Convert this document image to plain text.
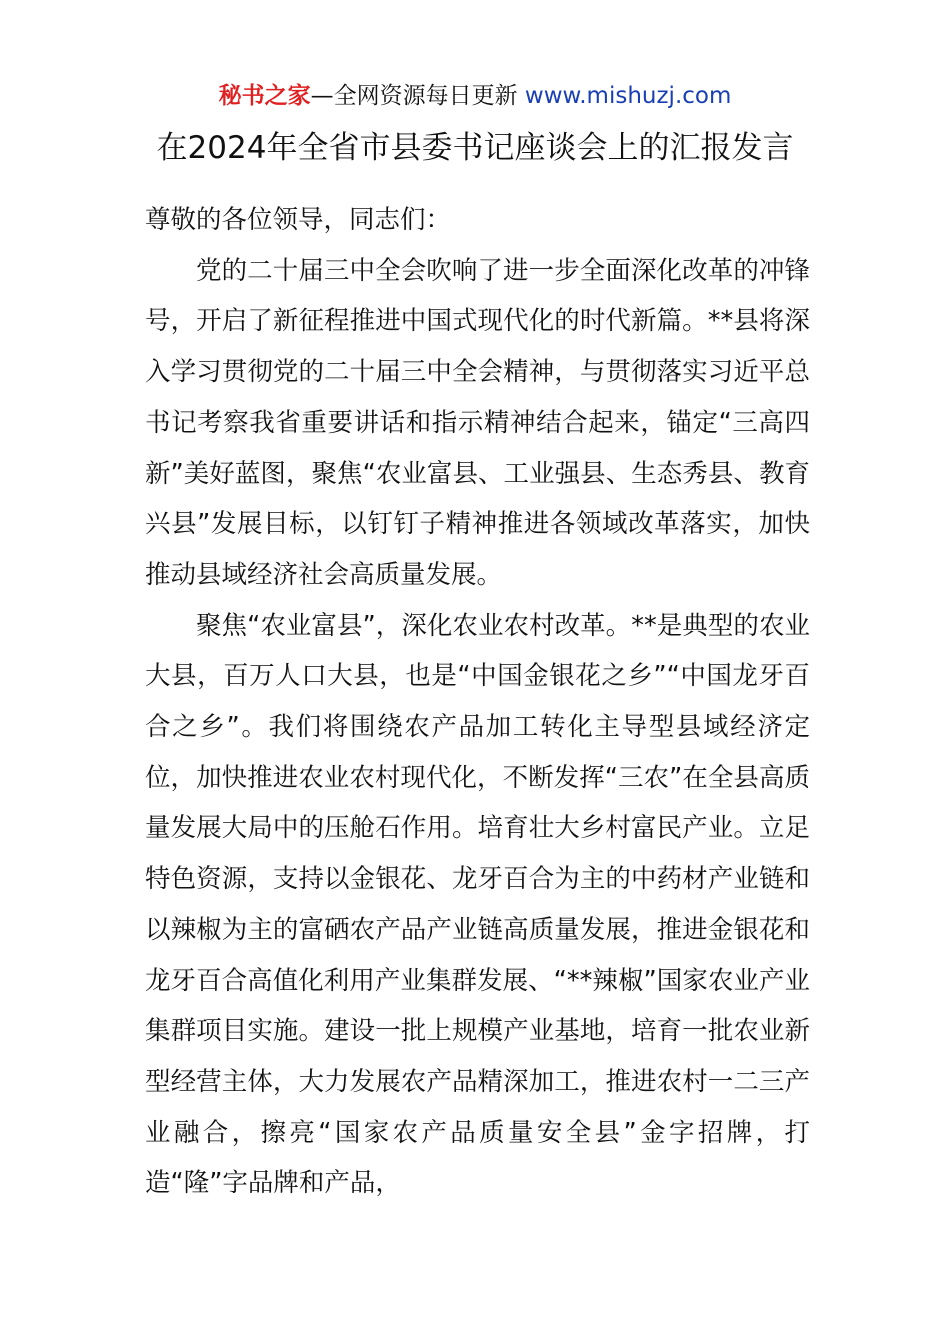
秘书之家—全网资源每日更新 www.mishuzj.com
在2024年全省市县委书记座谈会上的汇报发言

尊敬的各位领导，同志们：

党的二十届三中全会吹响了进一步全面深化改革的冲锋号，开启了新征程推进中国式现代化的时代新篇。**县将深入学习贯彻党的二十届三中全会精神，与贯彻落实习近平总书记考察我省重要讲话和指示精神结合起来，锚定“三高四新”美好蓝图，聚焦“农业富县、工业强县、生态秀县、教育兴县”发展目标，以钉钉子精神推进各领域改革落实，加快推动县域经济社会高质量发展。

聚焦“农业富县”，深化农业农村改革。**是典型的农业大县，百万人口大县，也是“中国金银花之乡”“中国龙牙百合之乡”。我们将围绕农产品加工转化主导型县域经济定位，加快推进农业农村现代化，不断发挥“三农”在全县高质量发展大局中的压舱石作用。培育壮大乡村富民产业。立足特色资源，支持以金银花、龙牙百合为主的中药材产业链和以辣椒为主的富硒农产品产业链高质量发展，推进金银花和龙牙百合高值化利用产业集群发展、“**辣椒”国家农业产业集群项目实施。建设一批上规模产业基地，培育一批农业新型经营主体，大力发展农产品精深加工，推进农村一二三产业融合，擦亮“国家农产品质量安全县”金字招牌，打造“隆”字品牌和产品，
